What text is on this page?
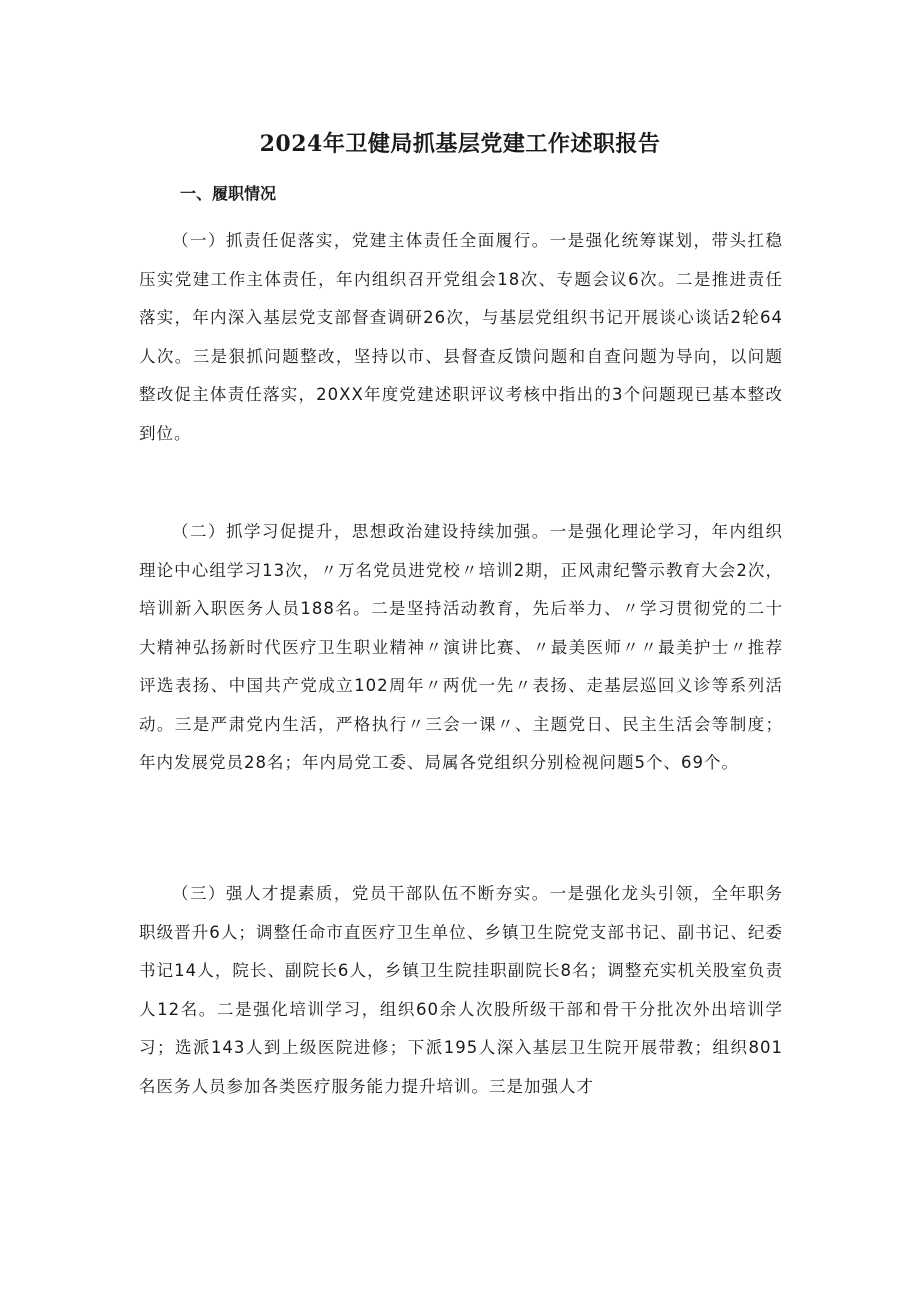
2024年卫健局抓基层党建工作述职报告
一、履职情况

（一）抓责任促落实，党建主体责任全面履行。一是强化统筹谋划，带头扛稳压实党建工作主体责任，年内组织召开党组会18次、专题会议6次。二是推进责任落实，年内深入基层党支部督查调研26次，与基层党组织书记开展谈心谈话2轮64人次。三是狠抓问题整改，坚持以市、县督查反馈问题和自查问题为导向，以问题整改促主体责任落实，20XX年度党建述职评议考核中指出的3个问题现已基本整改到位。

（二）抓学习促提升，思想政治建设持续加强。一是强化理论学习，年内组织理论中心组学习13次，〃万名党员进党校〃培训2期，正风肃纪警示教育大会2次，培训新入职医务人员188名。二是坚持活动教育，先后举力、〃学习贯彻党的二十大精神弘扬新时代医疗卫生职业精神〃演讲比赛、〃最美医师〃〃最美护士〃推荐评选表扬、中国共产党成立102周年〃两优一先〃表扬、走基层巡回义诊等系列活动。三是严肃党内生活，严格执行〃三会一课〃、主题党日、民主生活会等制度；年内发展党员28名；年内局党工委、局属各党组织分别检视问题5个、69个。

（三）强人才提素质，党员干部队伍不断夯实。一是强化龙头引领，全年职务职级晋升6人；调整任命市直医疗卫生单位、乡镇卫生院党支部书记、副书记、纪委书记14人，院长、副院长6人，乡镇卫生院挂职副院长8名；调整充实机关股室负责人12名。二是强化培训学习，组织60余人次股所级干部和骨干分批次外出培训学习；选派143人到上级医院进修；下派195人深入基层卫生院开展带教；组织801名医务人员参加各类医疗服务能力提升培训。三是加强人才
